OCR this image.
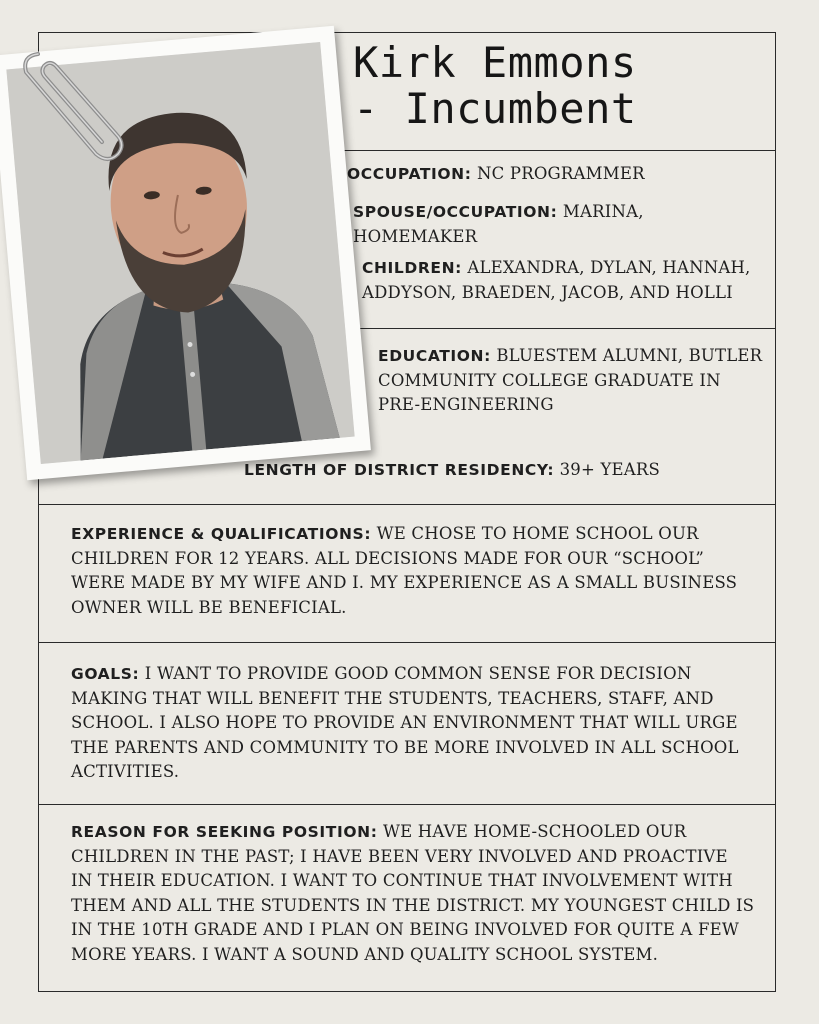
Kirk Emmons
- Incumbent
OCCUPATION: NC PROGRAMMER
SPOUSE/OCCUPATION: MARINA,
HOMEMAKER
CHILDREN: ALEXANDRA, DYLAN, HANNAH,
ADDYSON, BRAEDEN, JACOB, AND HOLLI
EDUCATION: BLUESTEM ALUMNI, BUTLER
COMMUNITY COLLEGE GRADUATE IN
PRE-ENGINEERING
LENGTH OF DISTRICT RESIDENCY: 39+ YEARS
EXPERIENCE & QUALIFICATIONS: WE CHOSE TO HOME SCHOOL OUR
CHILDREN FOR 12 YEARS. ALL DECISIONS MADE FOR OUR “SCHOOL”
WERE MADE BY MY WIFE AND I. MY EXPERIENCE AS A SMALL BUSINESS
OWNER WILL BE BENEFICIAL.
GOALS: I WANT TO PROVIDE GOOD COMMON SENSE FOR DECISION
MAKING THAT WILL BENEFIT THE STUDENTS, TEACHERS, STAFF, AND
SCHOOL. I ALSO HOPE TO PROVIDE AN ENVIRONMENT THAT WILL URGE
THE PARENTS AND COMMUNITY TO BE MORE INVOLVED IN ALL SCHOOL
ACTIVITIES.
REASON FOR SEEKING POSITION: WE HAVE HOME-SCHOOLED OUR
CHILDREN IN THE PAST; I HAVE BEEN VERY INVOLVED AND PROACTIVE
IN THEIR EDUCATION. I WANT TO CONTINUE THAT INVOLVEMENT WITH
THEM AND ALL THE STUDENTS IN THE DISTRICT. MY YOUNGEST CHILD IS
IN THE 10TH GRADE AND I PLAN ON BEING INVOLVED FOR QUITE A FEW
MORE YEARS. I WANT A SOUND AND QUALITY SCHOOL SYSTEM.
